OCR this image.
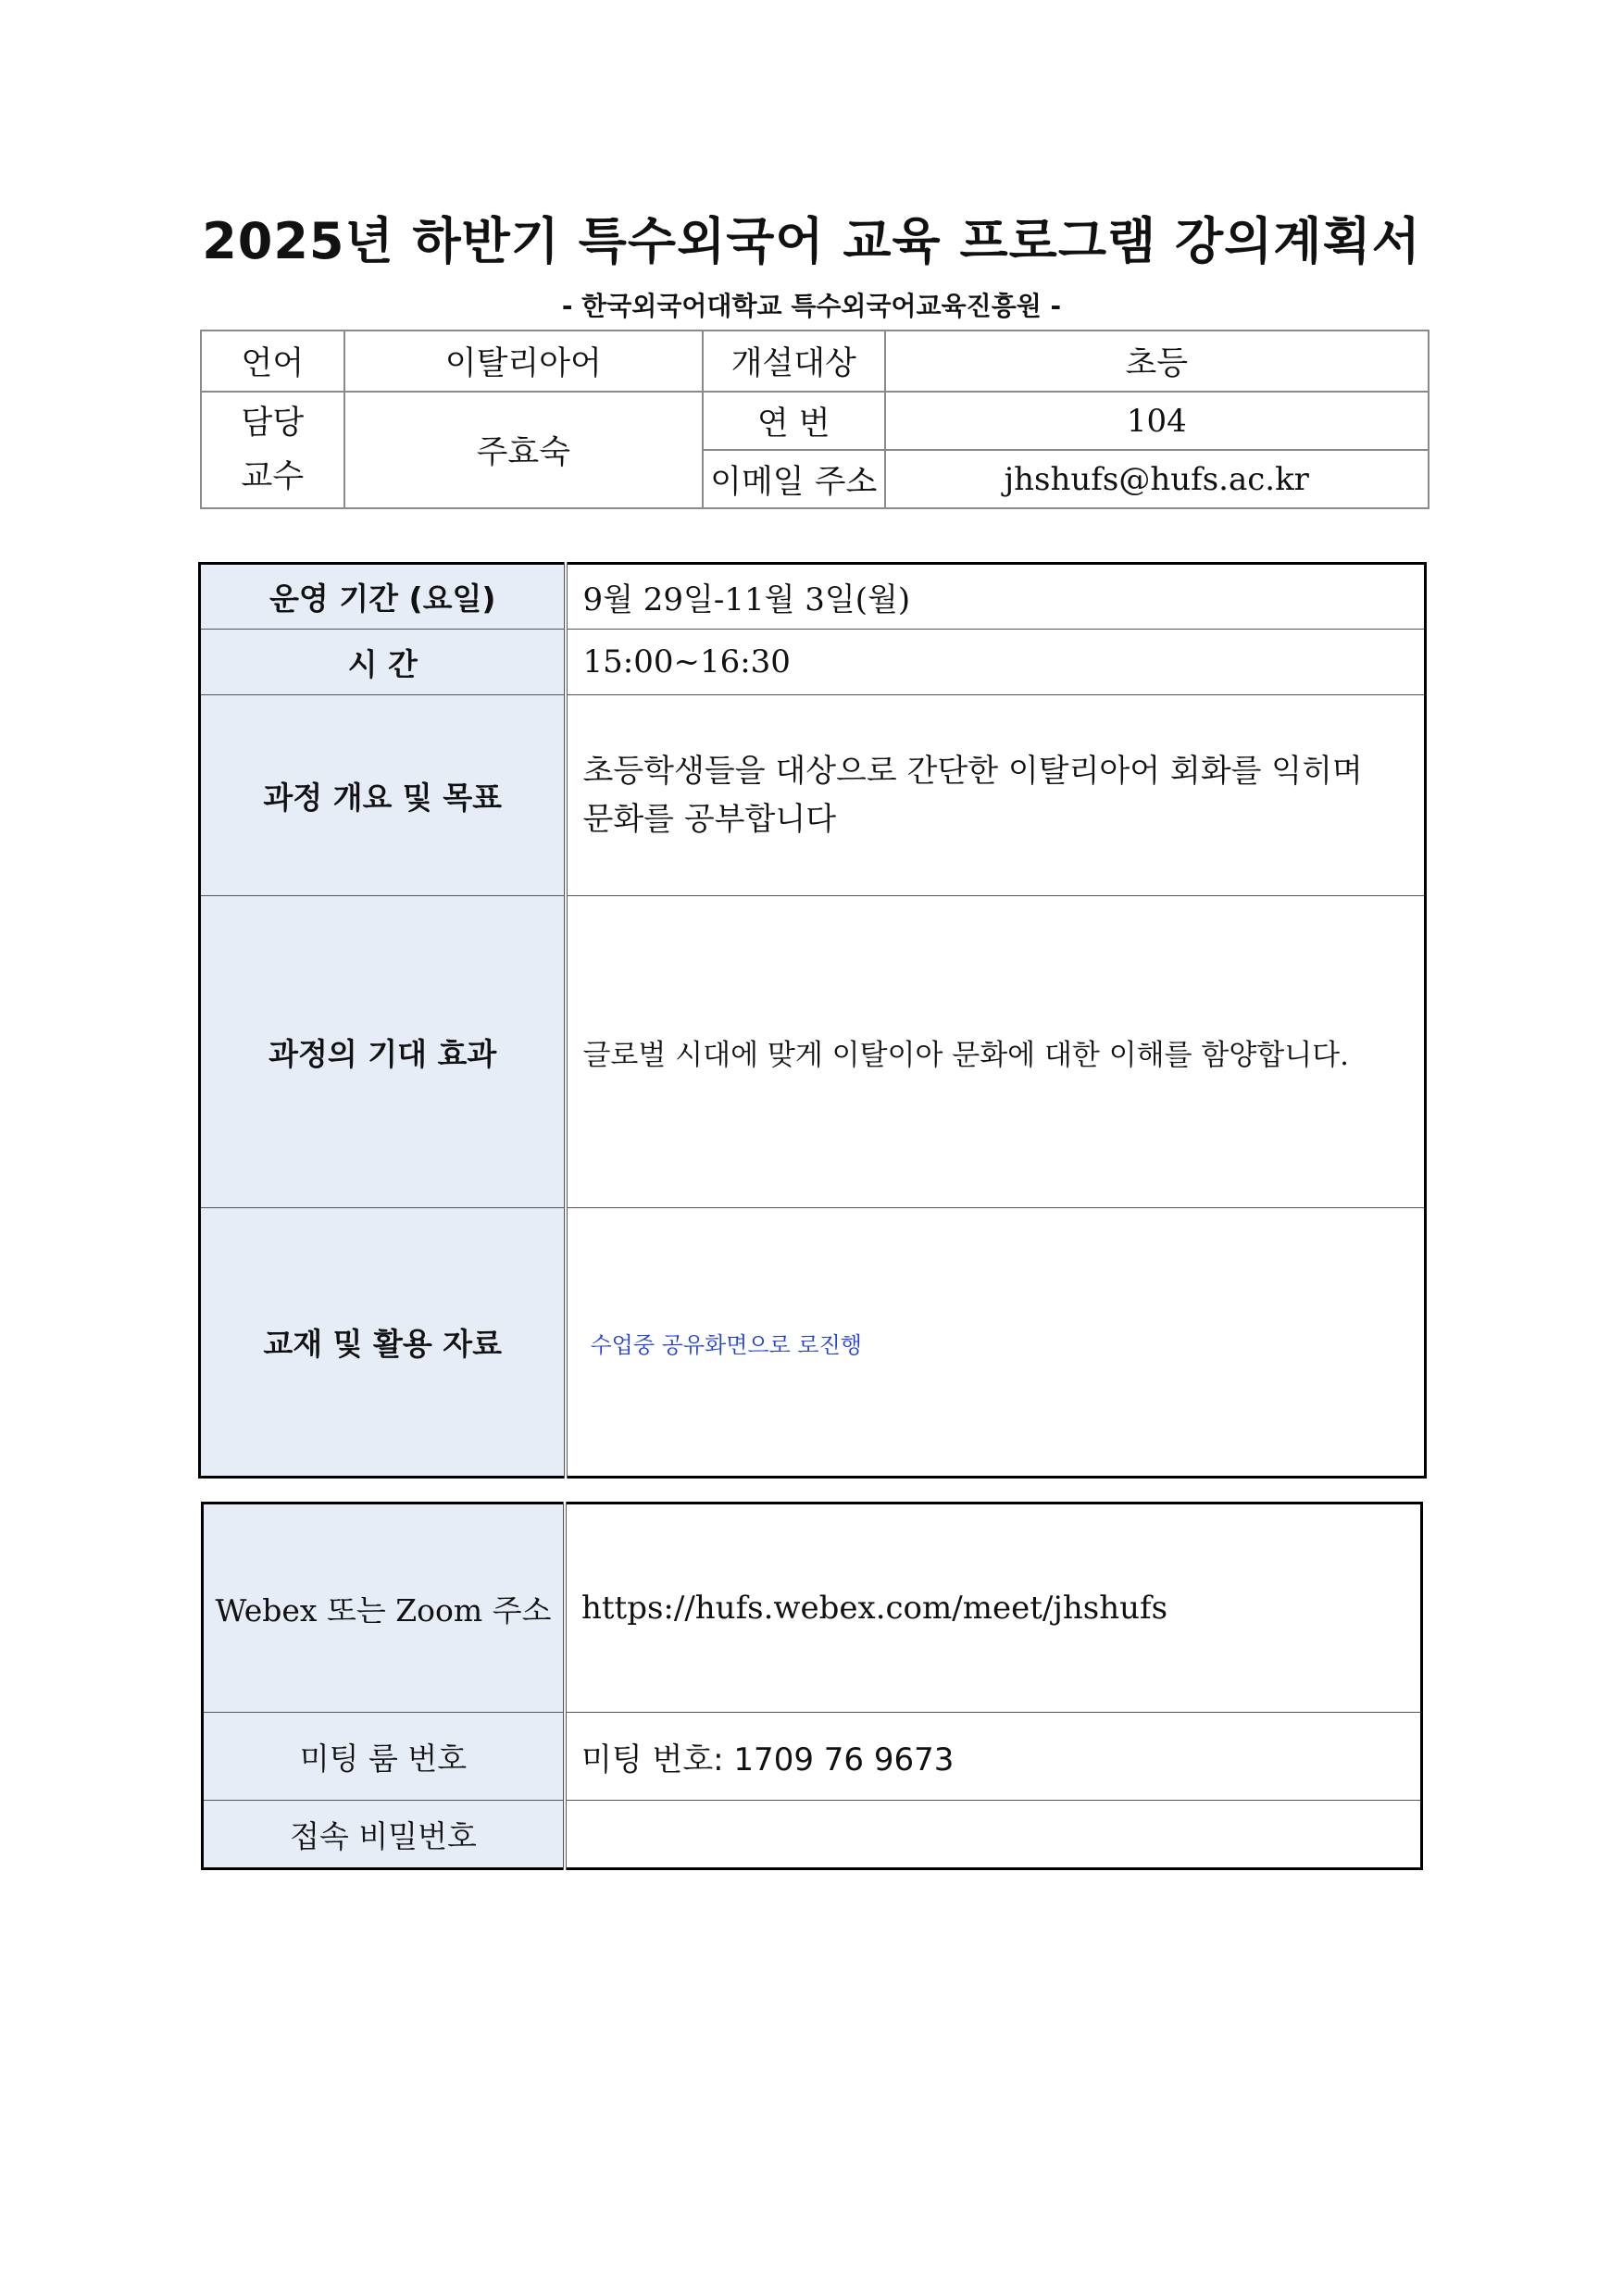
2025년 하반기 특수외국어 교육 프로그램 강의계획서
- 한국외국어대학교 특수외국어교육진흥원 -
언어	이탈리아어	개설대상	초등
담당
교수	주효숙	연 번	104
		이메일 주소	jhshufs@hufs.ac.kr
운영 기간 (요일)	9월 29일-11월 3일(월)
시 간	15:00~16:30
과정 개요 및 목표	초등학생들을 대상으로 간단한 이탈리아어 회화를 익히며
문화를 공부합니다
과정의 기대 효과	글로벌 시대에 맞게 이탈이아 문화에 대한 이해를 함양합니다.
교재 및 활용 자료	수업중 공유화면으로 로진행
Webex 또는 Zoom 주소	https://hufs.webex.com/meet/jhshufs
미팅 룸 번호	미팅 번호: 1709 76 9673
접속 비밀번호	
